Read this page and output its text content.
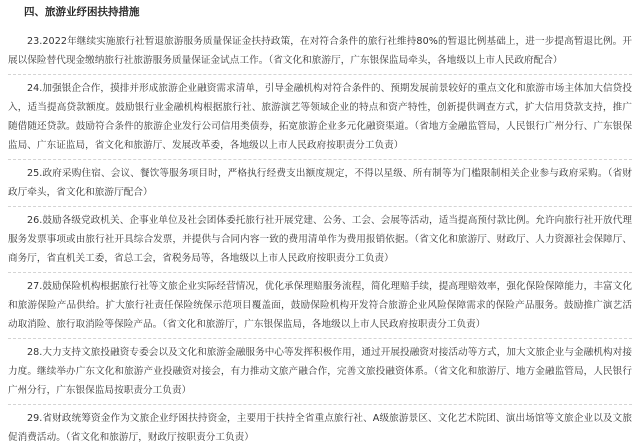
四、旅游业纾困扶持措施

23.2022年继续实施旅行社暂退旅游服务质量保证金扶持政策，在对符合条件的旅行社维持80%的暂退比例基础上，进一步提高暂退比例。开展以保险替代现金缴纳旅行社旅游服务质量保证金试点工作。（省文化和旅游厅，广东银保监局牵头，各地级以上市人民政府配合）

24.加强银企合作，摸排并形成旅游企业融资需求清单，引导金融机构对符合条件的、预期发展前景较好的重点文化和旅游市场主体加大信贷投入，适当提高贷款额度。鼓励银行业金融机构根据旅行社、旅游演艺等领域企业的特点和资产特性，创新提供调查方式，扩大信用贷款支持，推广随借随还贷款。鼓励符合条件的旅游企业发行公司信用类债券，拓宽旅游企业多元化融资渠道。（省地方金融监管局，人民银行广州分行、广东银保监局、广东证监局，省文化和旅游厅、发展改革委，各地级以上市人民政府按职责分工负责）

25.政府采购住宿、会议、餐饮等服务项目时，严格执行经费支出额度规定，不得以星级、所有制等为门槛限制相关企业参与政府采购。（省财政厅牵头，省文化和旅游厅配合）

26.鼓励各级党政机关、企事业单位及社会团体委托旅行社开展党建、公务、工会、会展等活动，适当提高预付款比例。允许向旅行社开放代理服务发票事项或由旅行社开具综合发票，并提供与合同内容一致的费用清单作为费用报销依据。（省文化和旅游厅、财政厅、人力资源社会保障厅、商务厅，省直机关工委，省总工会，省税务局等，各地级以上市人民政府按职责分工负责）

27.鼓励保险机构根据旅行社等文旅企业实际经营情况，优化承保理赔服务流程，简化理赔手续，提高理赔效率，强化保险保障能力，丰富文化和旅游保险产品供给。扩大旅行社责任保险统保示范项目覆盖面，鼓励保险机构开发符合旅游企业风险保障需求的保险产品服务。鼓励推广演艺活动取消险、旅行取消险等保险产品。（省文化和旅游厅，广东银保监局，各地级以上市人民政府按职责分工负责）

28.大力支持文旅投融资专委会以及文化和旅游金融服务中心等发挥积极作用，通过开展投融资对接活动等方式，加大文旅企业与金融机构对接力度。继续举办广东文化和旅游产业投融资对接会，有力推动文旅产融合作，完善文旅投融资体系。（省文化和旅游厅、地方金融监管局，人民银行广州分行，广东银保监局按职责分工负责）

29.省财政统筹资金作为文旅企业纾困扶持资金，主要用于扶持全省重点旅行社、A级旅游景区、文化艺术院团、演出场馆等文旅企业以及文旅促消费活动。（省文化和旅游厅，财政厅按职责分工负责）
